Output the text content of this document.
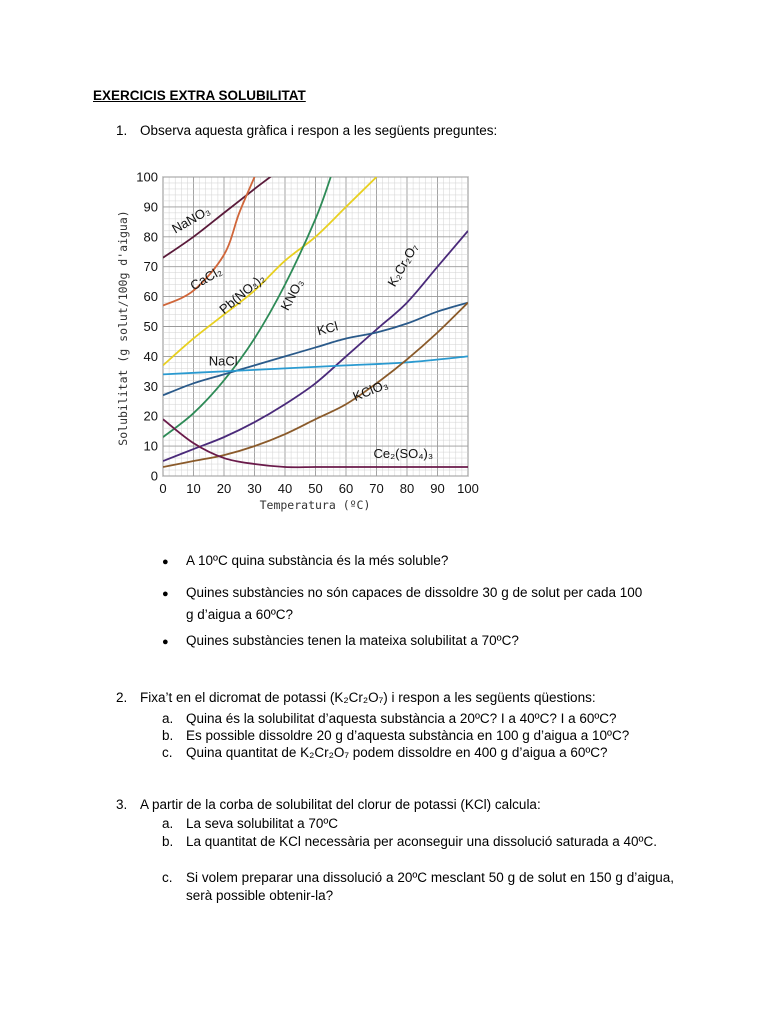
EXERCICIS EXTRA SOLUBILITAT
1. Observa aquesta gràfica i respon a les següents preguntes:
0 10 20 30 40 50 60 70 80 90 100
0
10
20
30
40
50
60
70
80
90
100
NaNO₃
CaCl₂
Pb(NO₃)₂ KNO₃
K₂Cr₂O₇
KCl
NaCl
KClO₃
Ce₂(SO₄)₃
Temperatura (ºC)
Solubilitat (g solut/100g d'aigua)
● A 10ºC quina substància és la més soluble?
● Quines substàncies no són capaces de dissoldre 30 g de solut per cada 100
g d’aigua a 60ºC?
● Quines substàncies tenen la mateixa solubilitat a 70ºC?
2. Fixa’t en el dicromat de potassi (K₂Cr₂O₇) i respon a les següents qüestions:
a. Quina és la solubilitat d’aquesta substància a 20ºC? I a 40ºC? I a 60ºC?
b. Es possible dissoldre 20 g d’aquesta substància en 100 g d’aigua a 10ºC?
c. Quina quantitat de K₂Cr₂O₇ podem dissoldre en 400 g d’aigua a 60ºC?
3. A partir de la corba de solubilitat del clorur de potassi (KCl) calcula:
a. La seva solubilitat a 70ºC
b. La quantitat de KCl necessària per aconseguir una dissolució saturada a 40ºC.
c. Si volem preparar una dissolució a 20ºC mesclant 50 g de solut en 150 g d’aigua, serà possible obtenir-la?
